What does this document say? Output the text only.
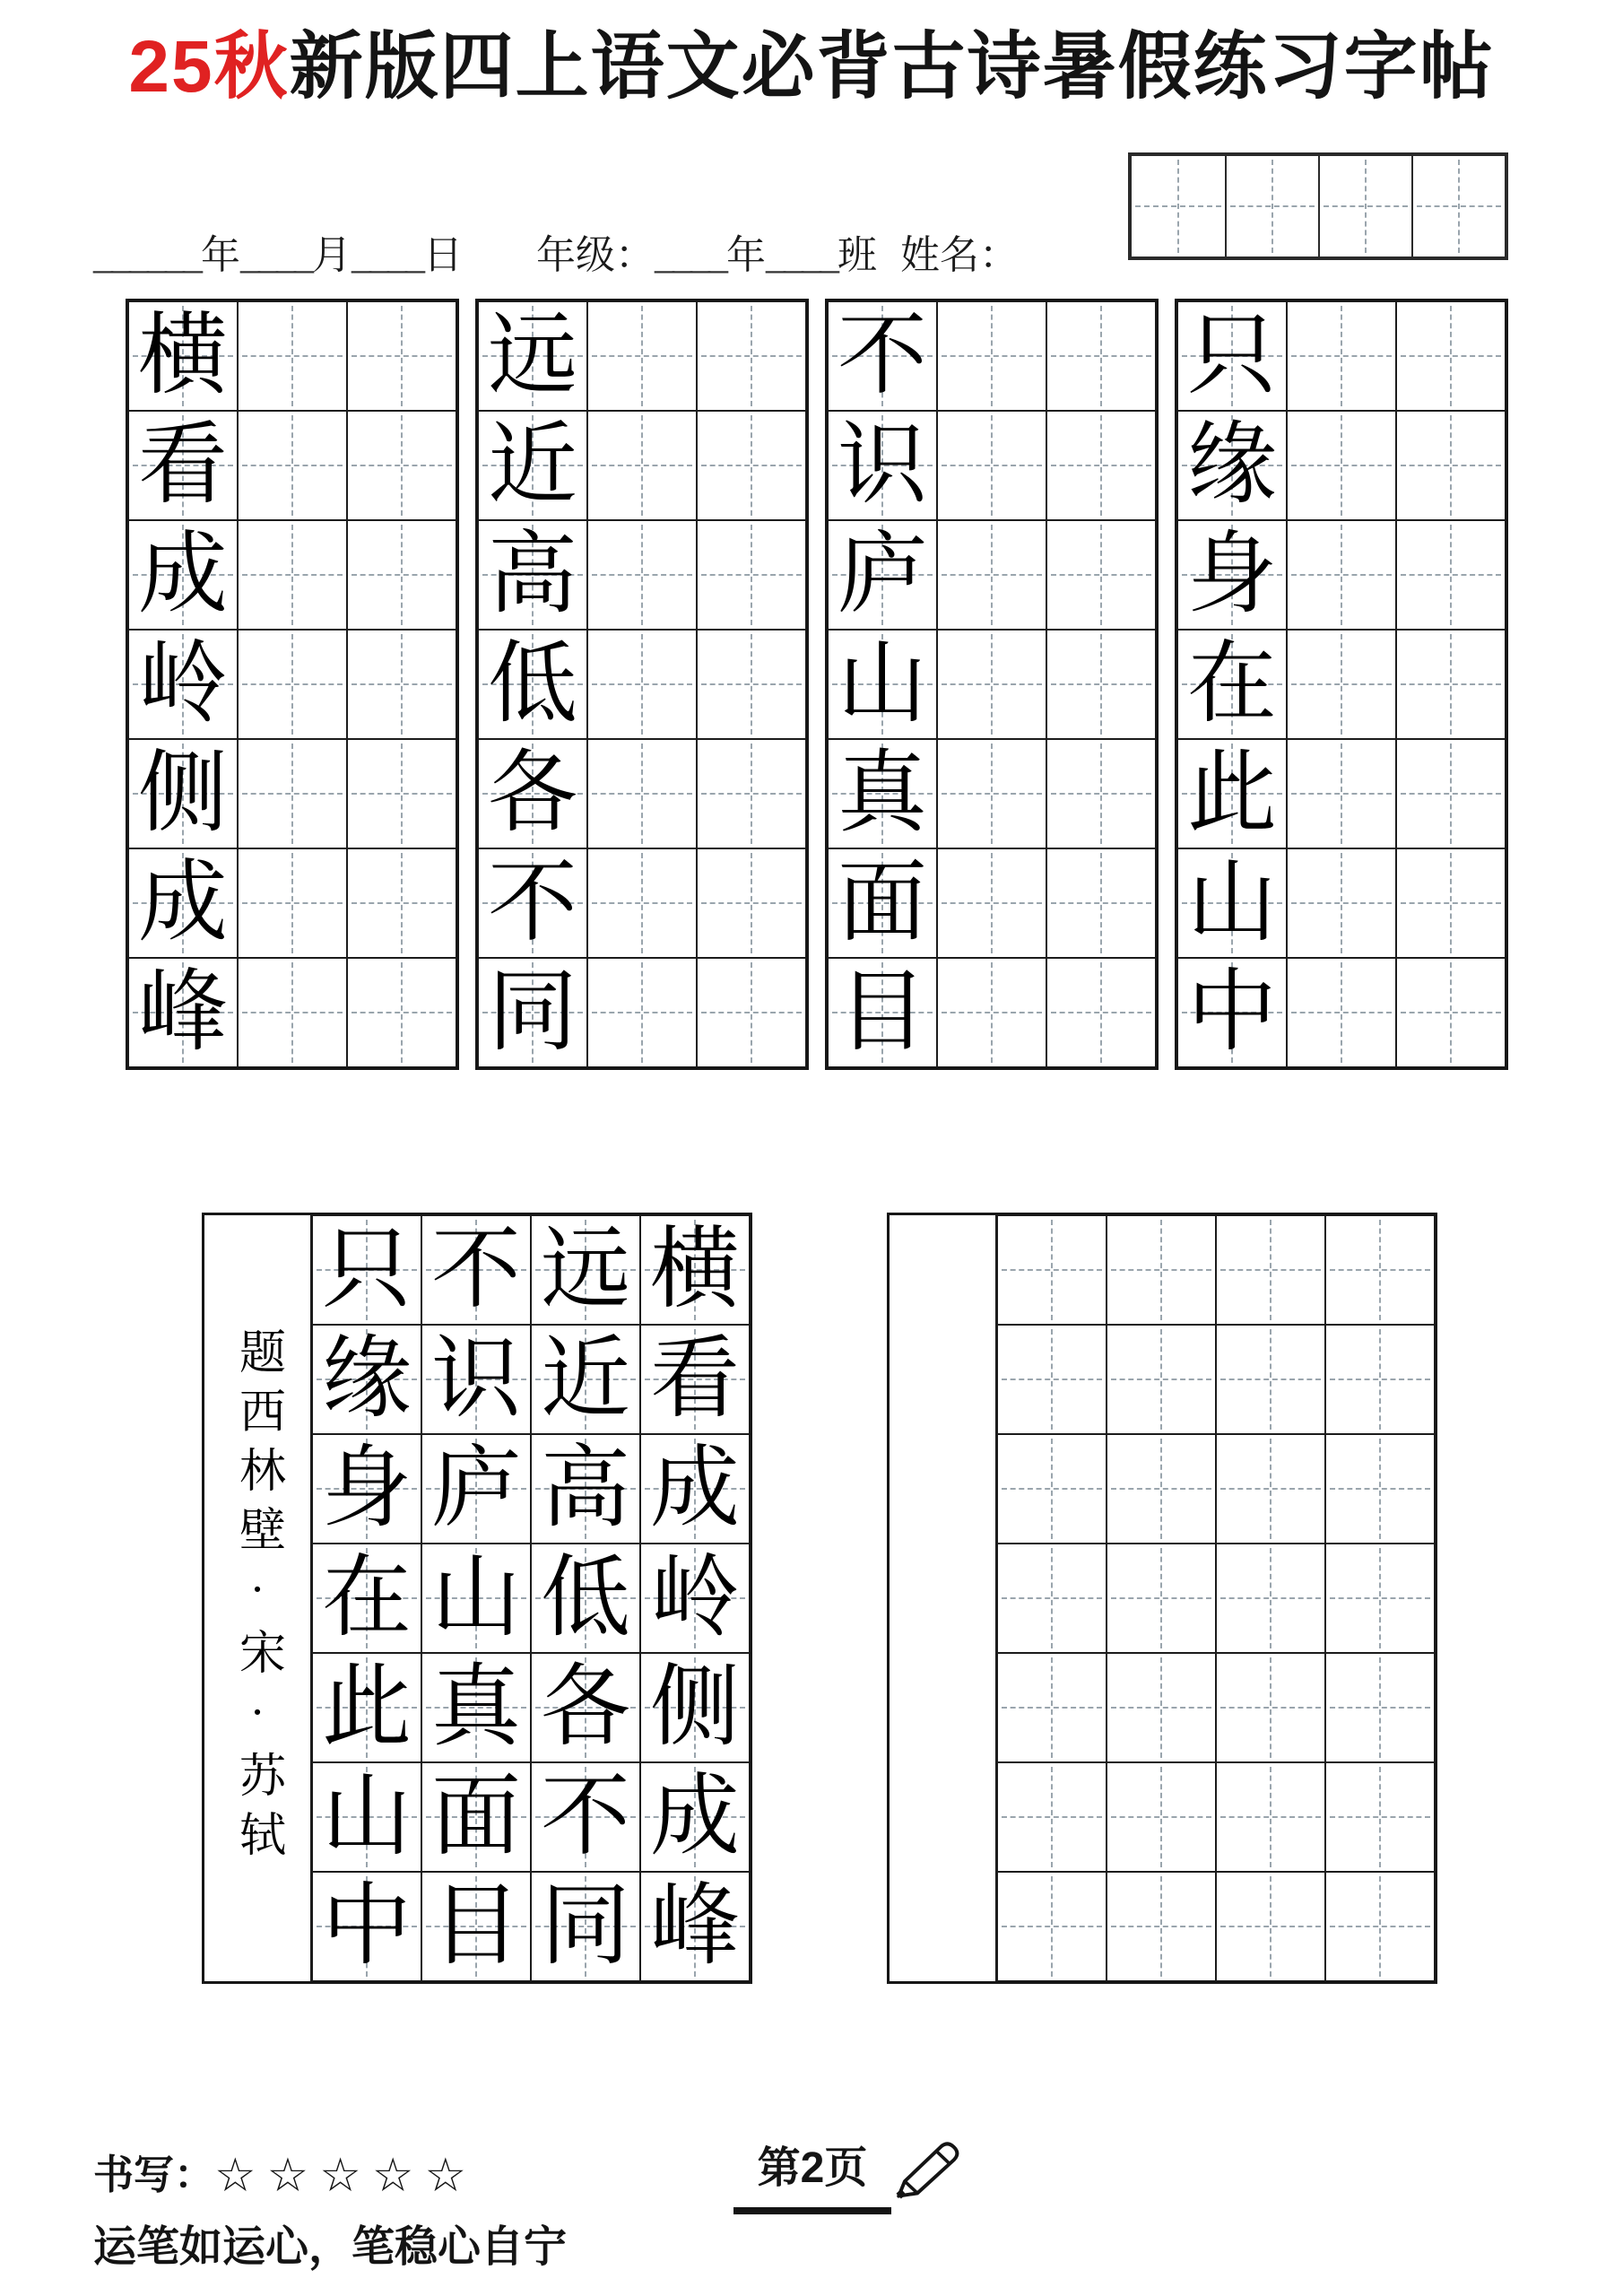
25秋新版四上语文必背古诗暑假练习字帖
______年____月____日 年级：____年____班 姓名：
横
看
成
岭
侧
成
峰
远
近
高
低
各
不
同
不
识
庐
山
真
面
目
只
缘
身
在
此
山
中
题西林壁·宋·苏轼
只 不 远 横
缘 识 近 看
身 庐 高 成
在 山 低 岭
此 真 各 侧
山 面 不 成
中 目 同 峰
书写：☆☆☆☆☆	第2页
运笔如运心，笔稳心自宁
